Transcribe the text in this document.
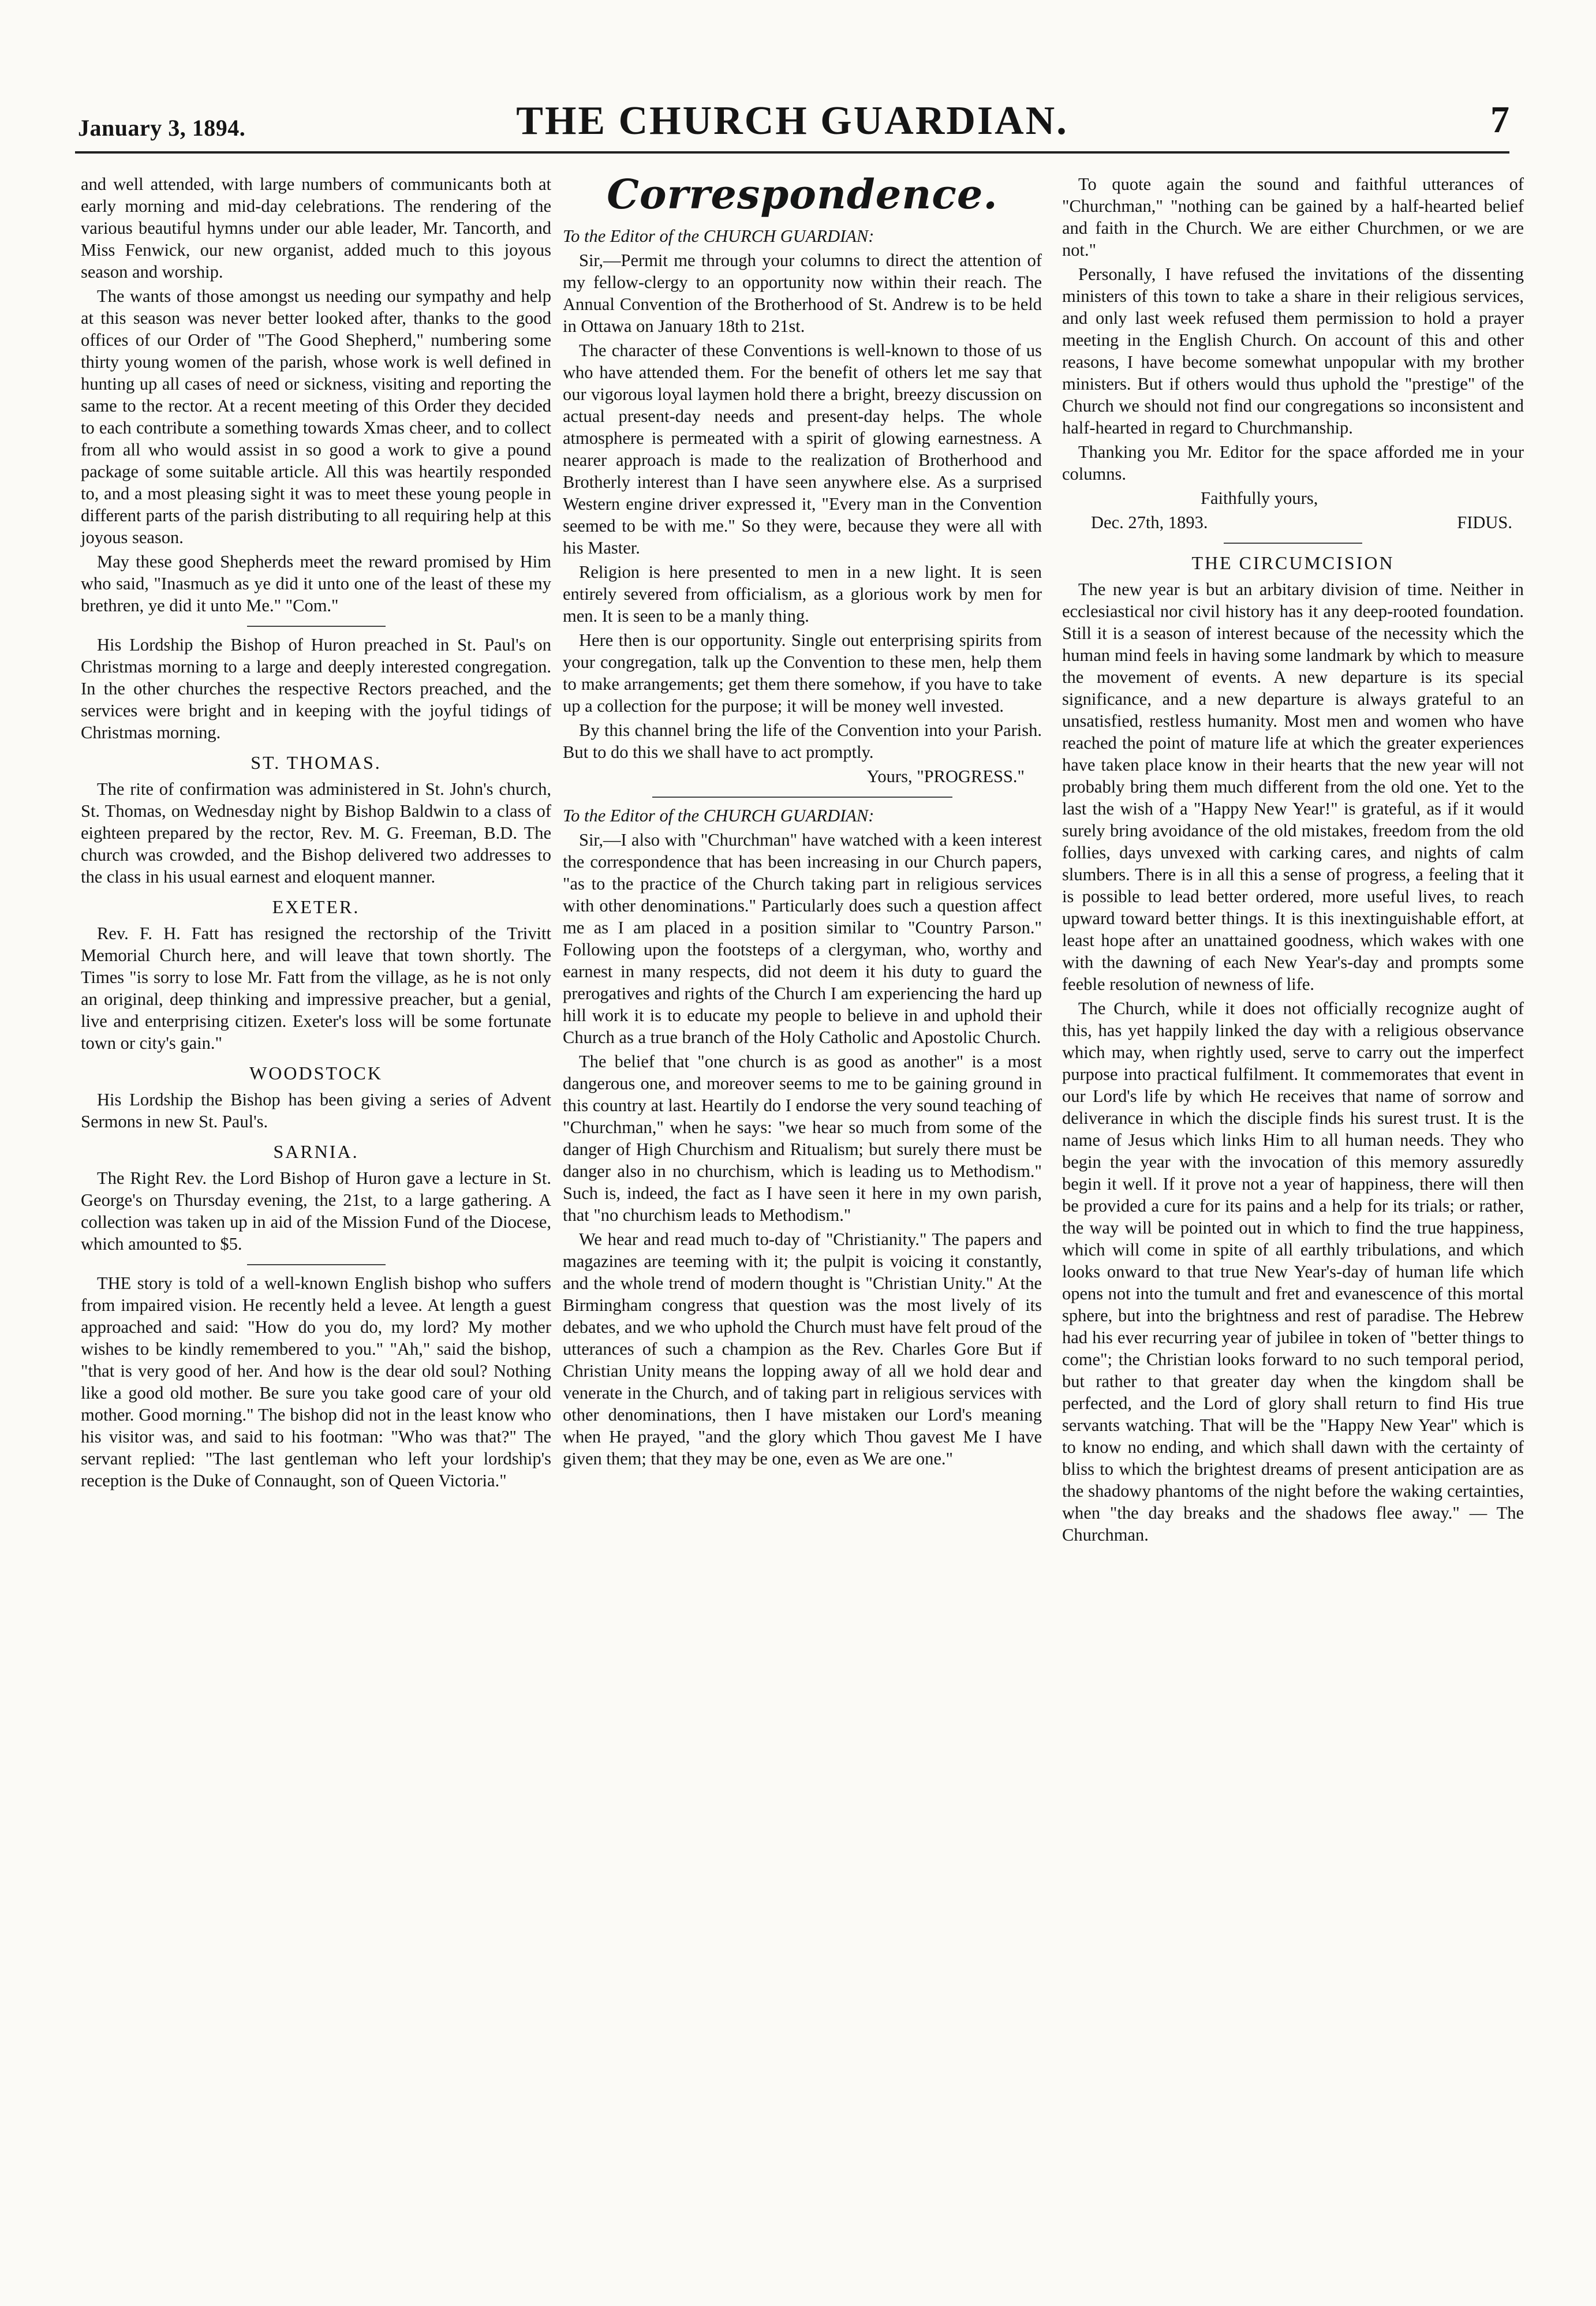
January 3, 1894.	THE CHURCH GUARDIAN.	7

and well attended, with large numbers of communicants both at early morning and mid-day celebrations. The rendering of the various beautiful hymns under our able leader, Mr. Tancorth, and Miss Fenwick, our new organist, added much to this joyous season and worship.

The wants of those amongst us needing our sympathy and help at this season was never better looked after, thanks to the good offices of our Order of "The Good Shepherd," numbering some thirty young women of the parish, whose work is well defined in hunting up all cases of need or sickness, visiting and reporting the same to the rector. At a recent meeting of this Order they decided to each contribute a something towards Xmas cheer, and to collect from all who would assist in so good a work to give a pound package of some suitable article. All this was heartily responded to, and a most pleasing sight it was to meet these young people in different parts of the parish distributing to all requiring help at this joyous season.

May these good Shepherds meet the reward promised by Him who said, "Inasmuch as ye did it unto one of the least of these my brethren, ye did it unto Me." "Com."

His Lordship the Bishop of Huron preached in St. Paul's on Christmas morning to a large and deeply interested congregation. In the other churches the respective Rectors preached, and the services were bright and in keeping with the joyful tidings of Christmas morning.

ST. THOMAS.

The rite of confirmation was administered in St. John's church, St. Thomas, on Wednesday night by Bishop Baldwin to a class of eighteen prepared by the rector, Rev. M. G. Freeman, B.D. The church was crowded, and the Bishop delivered two addresses to the class in his usual earnest and eloquent manner.

EXETER.

Rev. F. H. Fatt has resigned the rectorship of the Trivitt Memorial Church here, and will leave that town shortly. The Times "is sorry to lose Mr. Fatt from the village, as he is not only an original, deep thinking and impressive preacher, but a genial, live and enterprising citizen. Exeter's loss will be some fortunate town or city's gain."

WOODSTOCK

His Lordship the Bishop has been giving a series of Advent Sermons in new St. Paul's.

SARNIA.

The Right Rev. the Lord Bishop of Huron gave a lecture in St. George's on Thursday evening, the 21st, to a large gathering. A collection was taken up in aid of the Mission Fund of the Diocese, which amounted to $5.

THE story is told of a well-known English bishop who suffers from impaired vision. He recently held a levee. At length a guest approached and said: "How do you do, my lord? My mother wishes to be kindly remembered to you." "Ah," said the bishop, "that is very good of her. And how is the dear old soul? Nothing like a good old mother. Be sure you take good care of your old mother. Good morning." The bishop did not in the least know who his visitor was, and said to his footman: "Who was that?" The servant replied: "The last gentleman who left your lordship's reception is the Duke of Connaught, son of Queen Victoria."

Correspondence.

To the Editor of the CHURCH GUARDIAN:

Sir,—Permit me through your columns to direct the attention of my fellow-clergy to an opportunity now within their reach. The Annual Convention of the Brotherhood of St. Andrew is to be held in Ottawa on January 18th to 21st.

The character of these Conventions is well-known to those of us who have attended them. For the benefit of others let me say that our vigorous loyal laymen hold there a bright, breezy discussion on actual present-day needs and present-day helps. The whole atmosphere is permeated with a spirit of glowing earnestness. A nearer approach is made to the realization of Brotherhood and Brotherly interest than I have seen anywhere else. As a surprised Western engine driver expressed it, "Every man in the Convention seemed to be with me." So they were, because they were all with his Master.

Religion is here presented to men in a new light. It is seen entirely severed from officialism, as a glorious work by men for men. It is seen to be a manly thing.

Here then is our opportunity. Single out enterprising spirits from your congregation, talk up the Convention to these men, help them to make arrangements; get them there somehow, if you have to take up a collection for the purpose; it will be money well invested.

By this channel bring the life of the Convention into your Parish. But to do this we shall have to act promptly.

Yours, "PROGRESS."

To the Editor of the CHURCH GUARDIAN:

Sir,—I also with "Churchman" have watched with a keen interest the correspondence that has been increasing in our Church papers, "as to the practice of the Church taking part in religious services with other denominations." Particularly does such a question affect me as I am placed in a position similar to "Country Parson." Following upon the footsteps of a clergyman, who, worthy and earnest in many respects, did not deem it his duty to guard the prerogatives and rights of the Church I am experiencing the hard up hill work it is to educate my people to believe in and uphold their Church as a true branch of the Holy Catholic and Apostolic Church.

The belief that "one church is as good as another" is a most dangerous one, and moreover seems to me to be gaining ground in this country at last. Heartily do I endorse the very sound teaching of "Churchman," when he says: "we hear so much from some of the danger of High Churchism and Ritualism; but surely there must be danger also in no churchism, which is leading us to Methodism." Such is, indeed, the fact as I have seen it here in my own parish, that "no churchism leads to Methodism."

We hear and read much to-day of "Christianity." The papers and magazines are teeming with it; the pulpit is voicing it constantly, and the whole trend of modern thought is "Christian Unity." At the Birmingham congress that question was the most lively of its debates, and we who uphold the Church must have felt proud of the utterances of such a champion as the Rev. Charles Gore But if Christian Unity means the lopping away of all we hold dear and venerate in the Church, and of taking part in religious services with other denominations, then I have mistaken our Lord's meaning when He prayed, "and the glory which Thou gavest Me I have given them; that they may be one, even as We are one."

To quote again the sound and faithful utterances of "Churchman," "nothing can be gained by a half-hearted belief and faith in the Church. We are either Churchmen, or we are not."

Personally, I have refused the invitations of the dissenting ministers of this town to take a share in their religious services, and only last week refused them permission to hold a prayer meeting in the English Church. On account of this and other reasons, I have become somewhat unpopular with my brother ministers. But if others would thus uphold the "prestige" of the Church we should not find our congregations so inconsistent and half-hearted in regard to Churchmanship.

Thanking you Mr. Editor for the space afforded me in your columns.

Faithfully yours,

Dec. 27th, 1893.	FIDUS.
THE CIRCUMCISION

The new year is but an arbitary division of time. Neither in ecclesiastical nor civil history has it any deep-rooted foundation. Still it is a season of interest because of the necessity which the human mind feels in having some landmark by which to measure the movement of events. A new departure is its special significance, and a new departure is always grateful to an unsatisfied, restless humanity. Most men and women who have reached the point of mature life at which the greater experiences have taken place know in their hearts that the new year will not probably bring them much different from the old one. Yet to the last the wish of a "Happy New Year!" is grateful, as if it would surely bring avoidance of the old mistakes, freedom from the old follies, days unvexed with carking cares, and nights of calm slumbers. There is in all this a sense of progress, a feeling that it is possible to lead better ordered, more useful lives, to reach upward toward better things. It is this inextinguishable effort, at least hope after an unattained goodness, which wakes with one with the dawning of each New Year's-day and prompts some feeble resolution of newness of life.

The Church, while it does not officially recognize aught of this, has yet happily linked the day with a religious observance which may, when rightly used, serve to carry out the imperfect purpose into practical fulfilment. It commemorates that event in our Lord's life by which He receives that name of sorrow and deliverance in which the disciple finds his surest trust. It is the name of Jesus which links Him to all human needs. They who begin the year with the invocation of this memory assuredly begin it well. If it prove not a year of happiness, there will then be provided a cure for its pains and a help for its trials; or rather, the way will be pointed out in which to find the true happiness, which will come in spite of all earthly tribulations, and which looks onward to that true New Year's-day of human life which opens not into the tumult and fret and evanescence of this mortal sphere, but into the brightness and rest of paradise. The Hebrew had his ever recurring year of jubilee in token of "better things to come"; the Christian looks forward to no such temporal period, but rather to that greater day when the kingdom shall be perfected, and the Lord of glory shall return to find His true servants watching. That will be the "Happy New Year" which is to know no ending, and which shall dawn with the certainty of bliss to which the brightest dreams of present anticipation are as the shadowy phantoms of the night before the waking certainties, when "the day breaks and the shadows flee away." — The Churchman.
